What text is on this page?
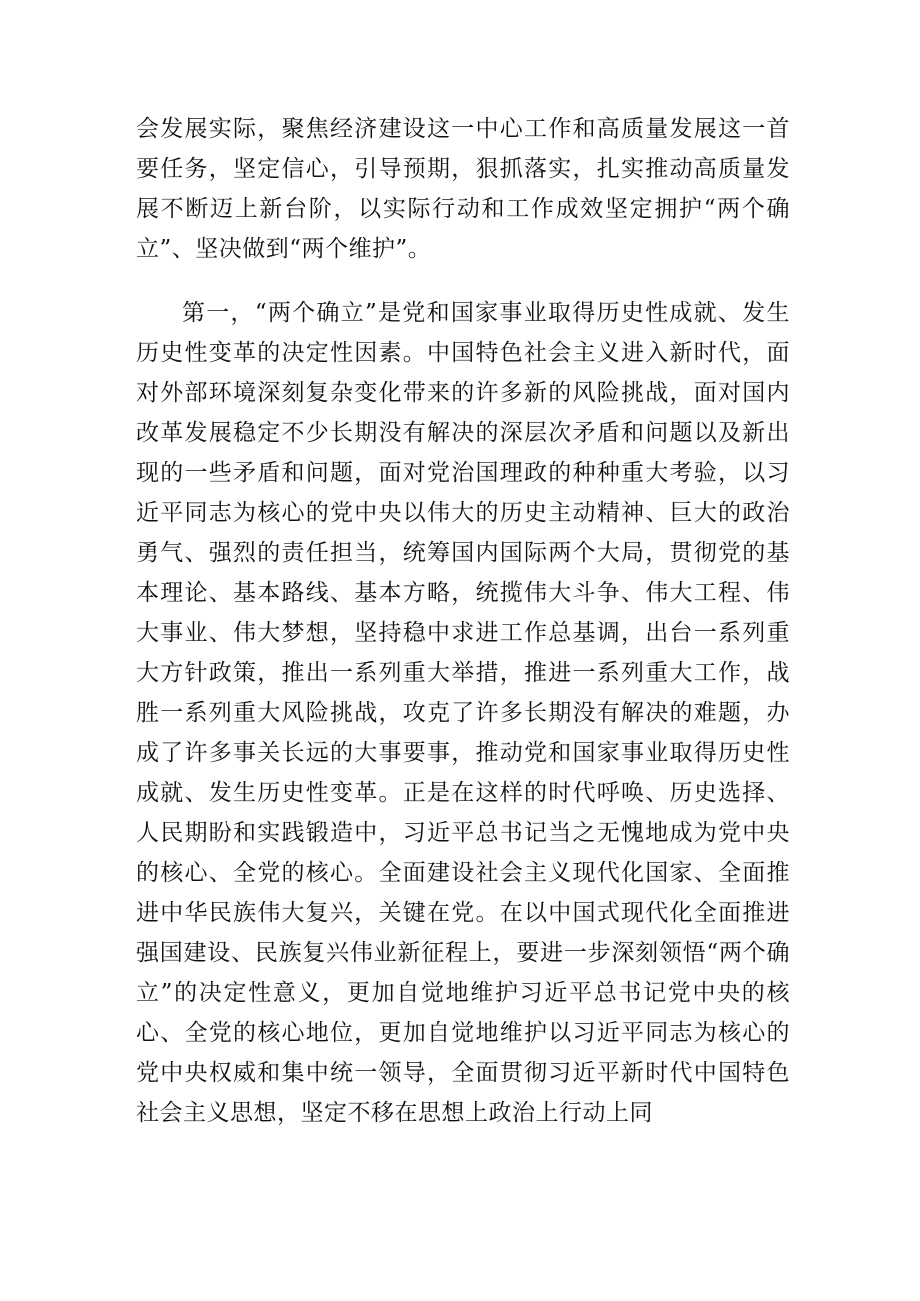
会发展实际，聚焦经济建设这一中心工作和高质量发展这一首要任务，坚定信心，引导预期，狠抓落实，扎实推动高质量发展不断迈上新台阶，以实际行动和工作成效坚定拥护“两个确立”、坚决做到“两个维护”。

第一，“两个确立”是党和国家事业取得历史性成就、发生历史性变革的决定性因素。中国特色社会主义进入新时代，面对外部环境深刻复杂变化带来的许多新的风险挑战，面对国内改革发展稳定不少长期没有解决的深层次矛盾和问题以及新出现的一些矛盾和问题，面对党治国理政的种种重大考验，以习近平同志为核心的党中央以伟大的历史主动精神、巨大的政治勇气、强烈的责任担当，统筹国内国际两个大局，贯彻党的基本理论、基本路线、基本方略，统揽伟大斗争、伟大工程、伟大事业、伟大梦想，坚持稳中求进工作总基调，出台一系列重大方针政策，推出一系列重大举措，推进一系列重大工作，战胜一系列重大风险挑战，攻克了许多长期没有解决的难题，办成了许多事关长远的大事要事，推动党和国家事业取得历史性成就、发生历史性变革。正是在这样的时代呼唤、历史选择、人民期盼和实践锻造中，习近平总书记当之无愧地成为党中央的核心、全党的核心。全面建设社会主义现代化国家、全面推进中华民族伟大复兴，关键在党。在以中国式现代化全面推进强国建设、民族复兴伟业新征程上，要进一步深刻领悟“两个确立”的决定性意义，更加自觉地维护习近平总书记党中央的核心、全党的核心地位，更加自觉地维护以习近平同志为核心的党中央权威和集中统一领导，全面贯彻习近平新时代中国特色社会主义思想，坚定不移在思想上政治上行动上同
